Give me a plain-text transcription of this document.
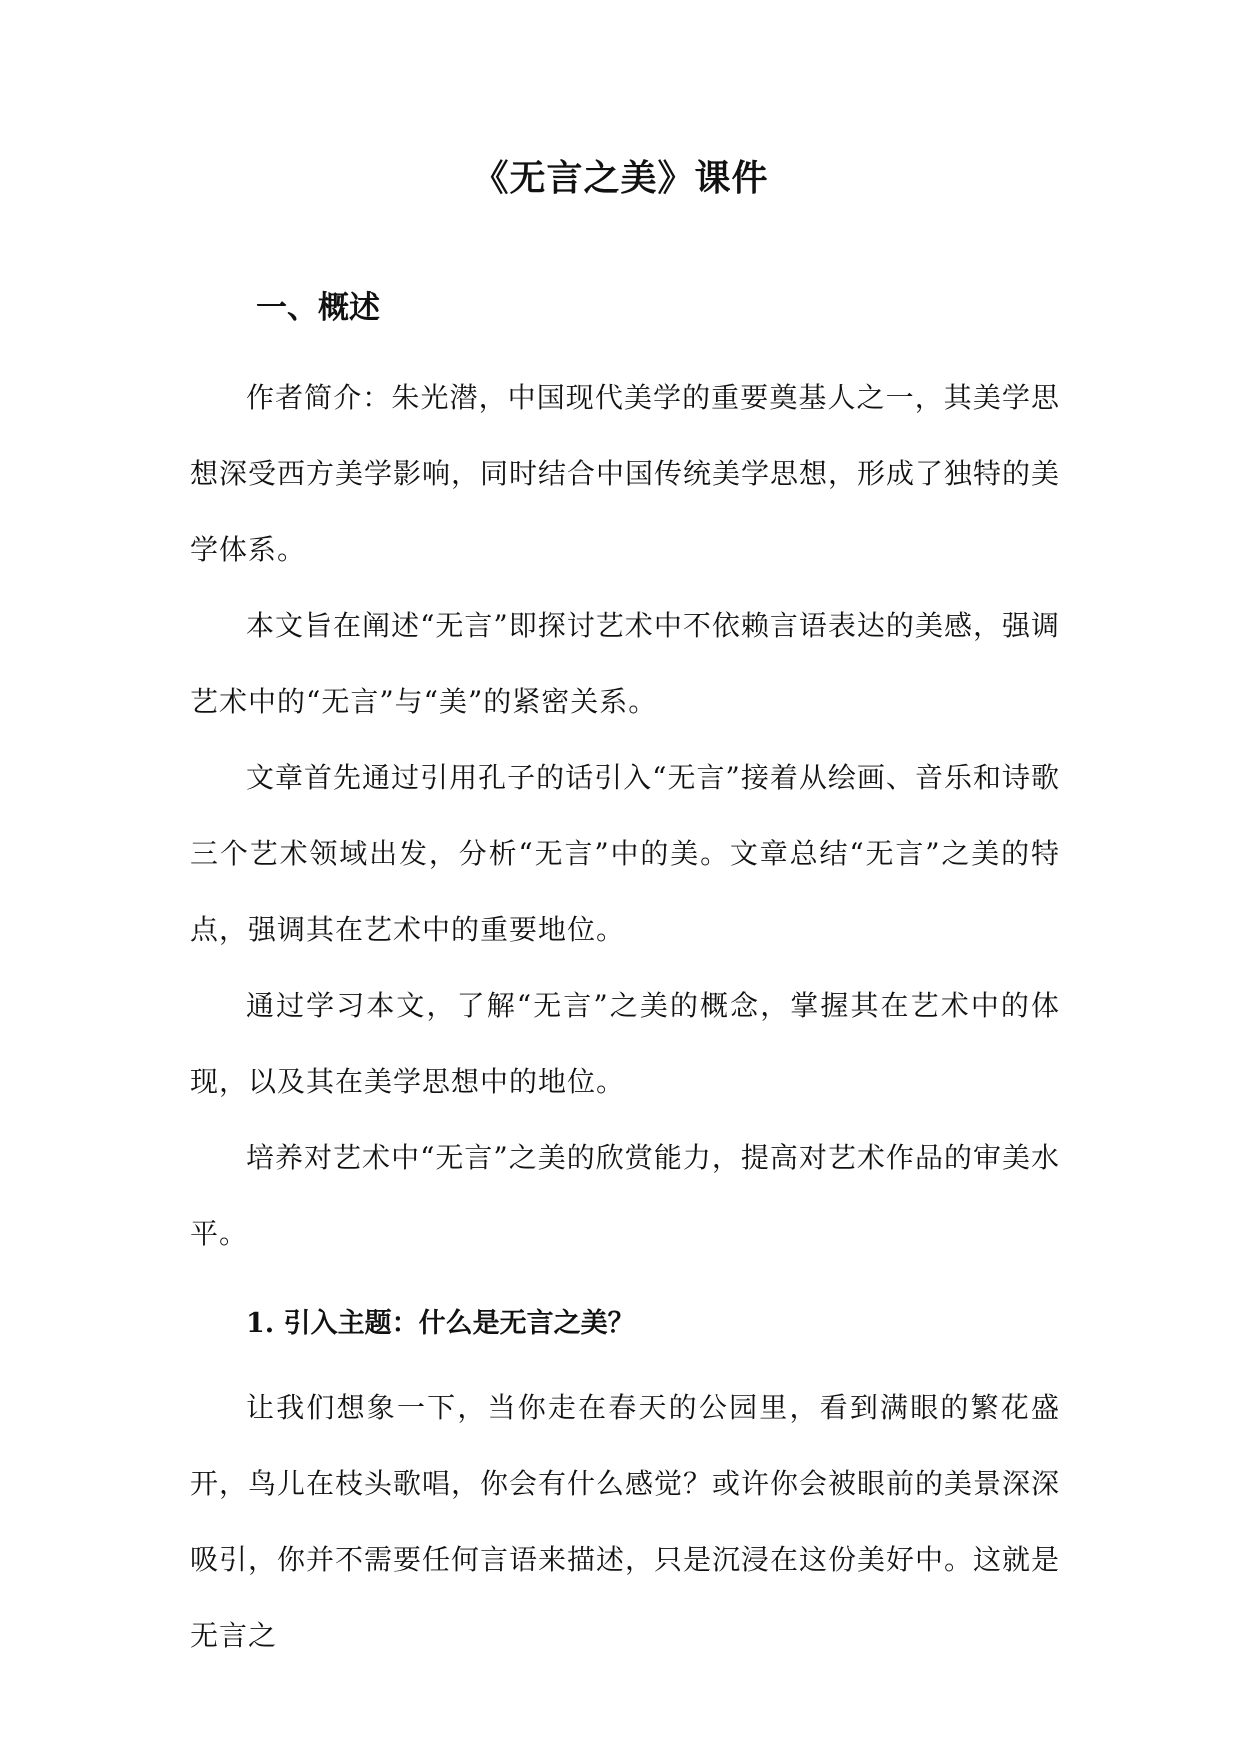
《无言之美》课件
一、概述

作者简介：朱光潜，中国现代美学的重要奠基人之一，其美学思想深受西方美学影响，同时结合中国传统美学思想，形成了独特的美学体系。

本文旨在阐述“无言”即探讨艺术中不依赖言语表达的美感，强调艺术中的“无言”与“美”的紧密关系。

文章首先通过引用孔子的话引入“无言”接着从绘画、音乐和诗歌三个艺术领域出发，分析“无言”中的美。文章总结“无言”之美的特点，强调其在艺术中的重要地位。

通过学习本文，了解“无言”之美的概念，掌握其在艺术中的体现，以及其在美学思想中的地位。

培养对艺术中“无言”之美的欣赏能力，提高对艺术作品的审美水平。

1. 引入主题：什么是无言之美？

让我们想象一下，当你走在春天的公园里，看到满眼的繁花盛开，鸟儿在枝头歌唱，你会有什么感觉？或许你会被眼前的美景深深吸引，你并不需要任何言语来描述，只是沉浸在这份美好中。这就是无言之
